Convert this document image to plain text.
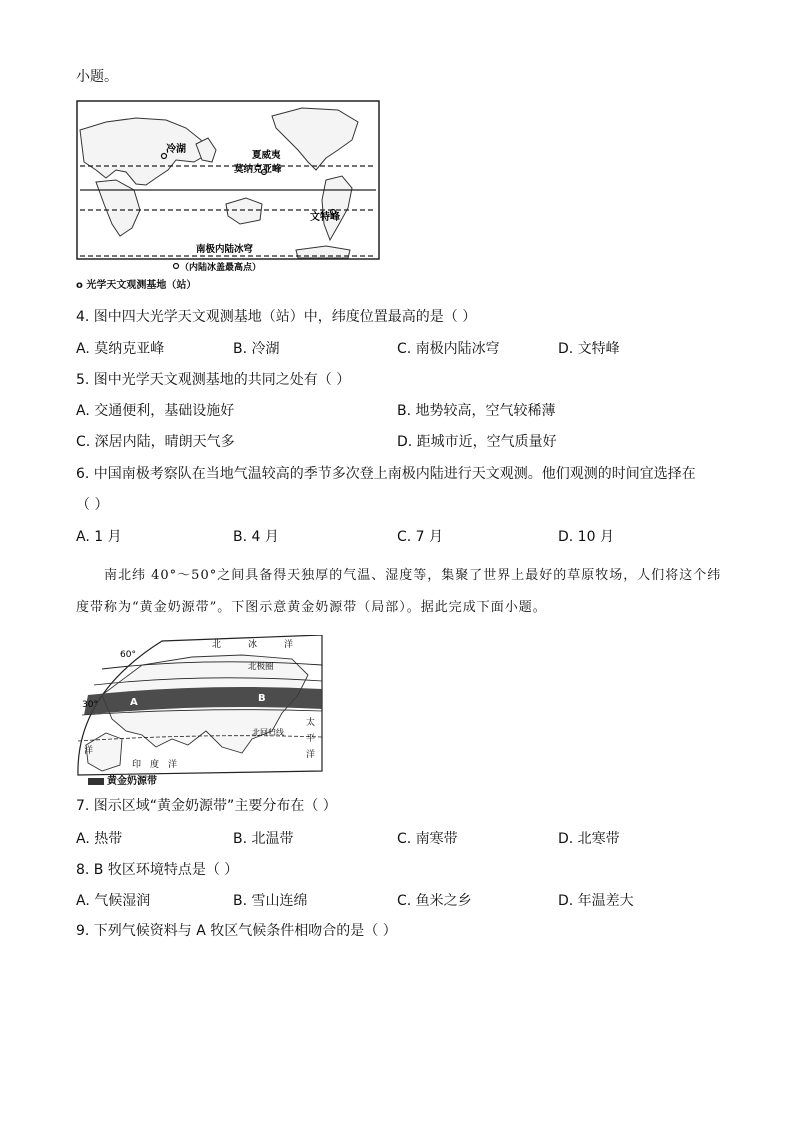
小题。
冷湖
夏威夷
莫纳克亚峰
文特峰
南极内陆冰穹
（内陆冰盖最高点）
o 光学天文观测基地（站）
4. 图中四大光学天文观测基地（站）中，纬度位置最高的是（ ）
A. 莫纳克亚峰	B. 冷湖	C. 南极内陆冰穹	D. 文特峰
5. 图中光学天文观测基地的共同之处有（ ）
A. 交通便利，基础设施好	B. 地势较高，空气较稀薄
C. 深居内陆，晴朗天气多	D. 距城市近，空气质量好
6. 中国南极考察队在当地气温较高的季节多次登上南极内陆进行天文观测。他们观测的时间宜选择在
（ ）
A. 1 月	B. 4 月	C. 7 月	D. 10 月
南北纬 40°～50°之间具备得天独厚的气温、湿度等，集聚了世界上最好的草原牧场，人们将这个纬
度带称为“黄金奶源带”。下图示意黄金奶源带（局部）。据此完成下面小题。
60°
30°
北	冰	洋
北极圈
A	B
北回归线
洋
太
平
洋
印 度 洋
黄金奶源带
7. 图示区域“黄金奶源带”主要分布在（ ）
A. 热带	B. 北温带	C. 南寒带	D. 北寒带
8. B 牧区环境特点是（ ）
A. 气候湿润	B. 雪山连绵	C. 鱼米之乡	D. 年温差大
9. 下列气候资料与 A 牧区气候条件相吻合的是（ ）
